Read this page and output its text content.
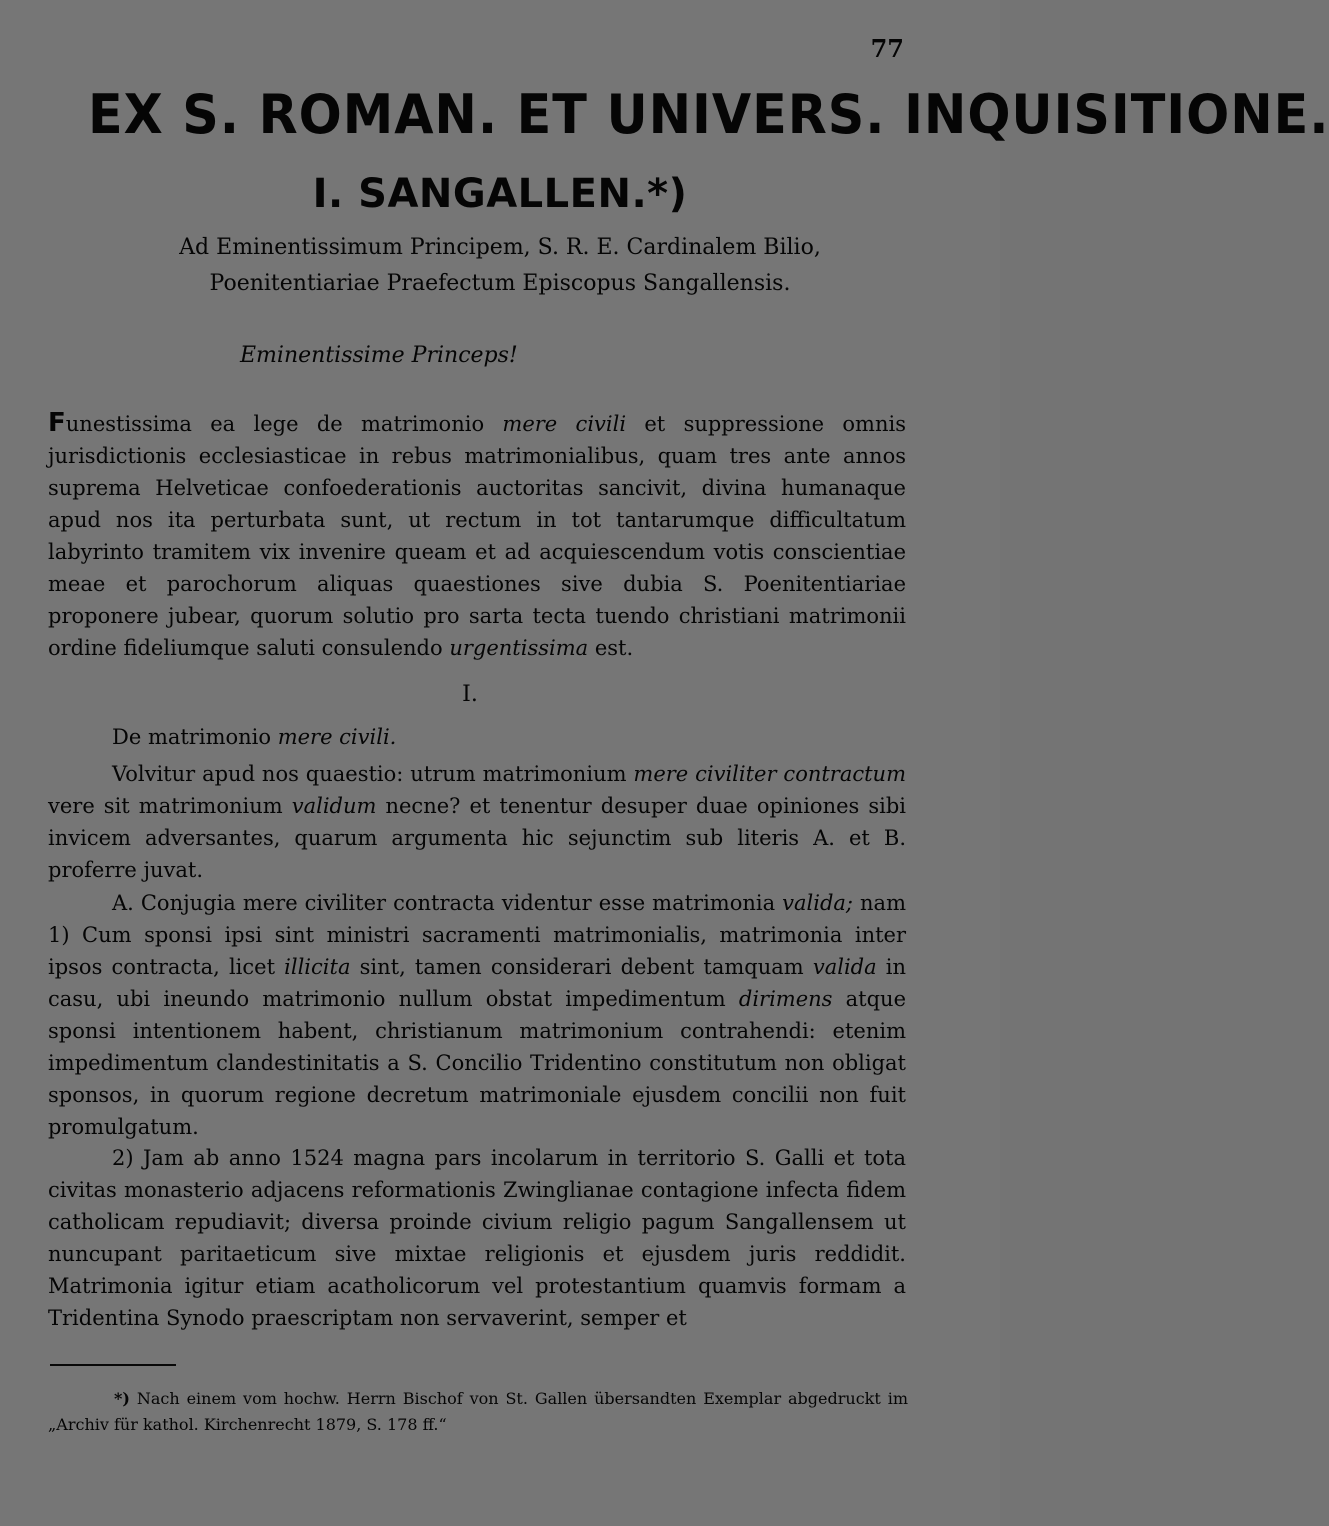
77
EX S. ROMAN. ET UNIVERS. INQUISITIONE.
I. SANGALLEN.*)
Ad Eminentissimum Principem, S. R. E. Cardinalem Bilio,
Poenitentiariae Praefectum Episcopus Sangallensis.
Eminentissime Princeps!

Funestissima ea lege de matrimonio mere civili et suppressione omnis jurisdictionis ecclesiasticae in rebus matrimonialibus, quam tres ante annos suprema Helveticae confoederationis auctoritas sancivit, divina humanaque apud nos ita perturbata sunt, ut rectum in tot tantarumque difficultatum labyrinto tramitem vix invenire queam et ad acquiescendum votis conscientiae meae et parochorum aliquas quaestiones sive dubia S. Poenitentiariae proponere jubear, quorum solutio pro sarta tecta tuendo christiani matrimonii ordine fideliumque saluti consulendo urgentissima est.

I.
De matrimonio mere civili.

Volvitur apud nos quaestio: utrum matrimonium mere civiliter contractum vere sit matrimonium validum necne? et tenentur desuper duae opiniones sibi invicem adversantes, quarum argumenta hic sejunctim sub literis A. et B. proferre juvat.

A. Conjugia mere civiliter contracta videntur esse matrimonia valida; nam 1) Cum sponsi ipsi sint ministri sacramenti matrimonialis, matrimonia inter ipsos contracta, licet illicita sint, tamen considerari debent tamquam valida in casu, ubi ineundo matrimonio nullum obstat impedimentum dirimens atque sponsi intentionem habent, christianum matrimonium contrahendi: etenim impedimentum clandestinitatis a S. Concilio Tridentino constitutum non obligat sponsos, in quorum regione decretum matrimoniale ejusdem concilii non fuit promulgatum.

2) Jam ab anno 1524 magna pars incolarum in territorio S. Galli et tota civitas monasterio adjacens reformationis Zwinglianae contagione infecta fidem catholicam repudiavit; diversa proinde civium religio pagum Sangallensem ut nuncupant paritaeticum sive mixtae religionis et ejusdem juris reddidit. Matrimonia igitur etiam acatholicorum vel protestantium quamvis formam a Tridentina Synodo praescriptam non servaverint, semper et

*) Nach einem vom hochw. Herrn Bischof von St. Gallen übersandten Exemplar abgedruckt im „Archiv für kathol. Kirchenrecht 1879, S. 178 ff.“
